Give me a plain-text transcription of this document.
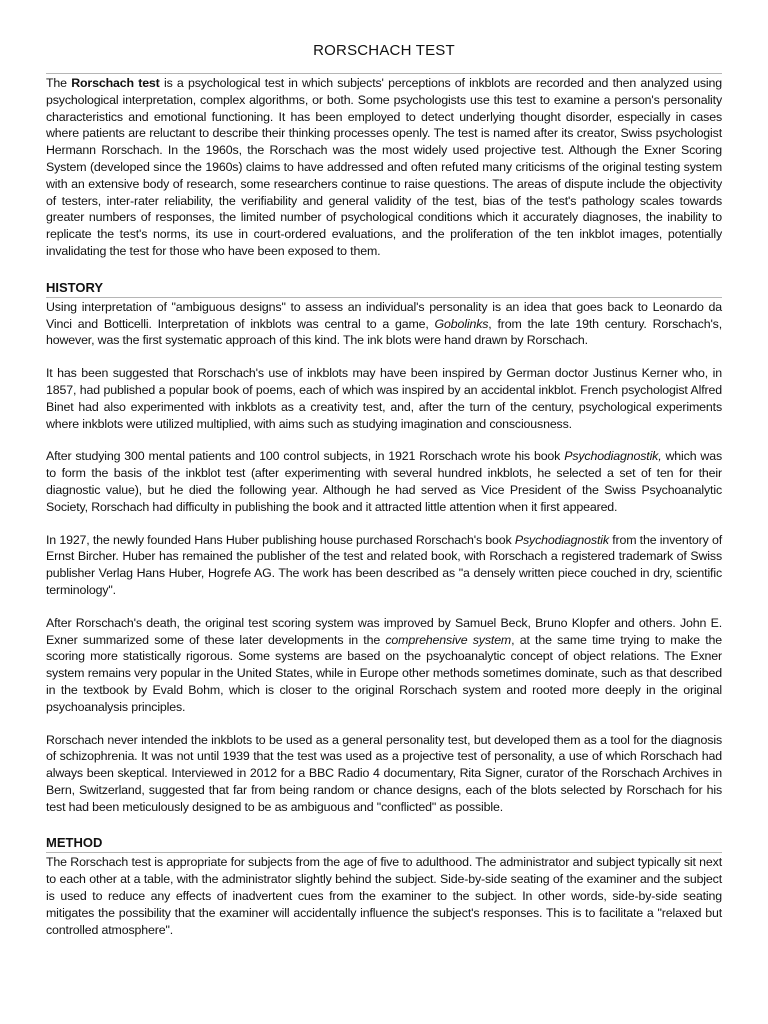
RORSCHACH TEST

The Rorschach test is a psychological test in which subjects' perceptions of inkblots are recorded and then analyzed using psychological interpretation, complex algorithms, or both. Some psychologists use this test to examine a person's personality characteristics and emotional functioning. It has been employed to detect underlying thought disorder, especially in cases where patients are reluctant to describe their thinking processes openly. The test is named after its creator, Swiss psychologist Hermann Rorschach. In the 1960s, the Rorschach was the most widely used projective test. Although the Exner Scoring System (developed since the 1960s) claims to have addressed and often refuted many criticisms of the original testing system with an extensive body of research, some researchers continue to raise questions. The areas of dispute include the objectivity of testers, inter-rater reliability, the verifiability and general validity of the test, bias of the test's pathology scales towards greater numbers of responses, the limited number of psychological conditions which it accurately diagnoses, the inability to replicate the test's norms, its use in court-ordered evaluations, and the proliferation of the ten inkblot images, potentially invalidating the test for those who have been exposed to them.

HISTORY

Using interpretation of "ambiguous designs" to assess an individual's personality is an idea that goes back to Leonardo da Vinci and Botticelli. Interpretation of inkblots was central to a game, Gobolinks, from the late 19th century. Rorschach's, however, was the first systematic approach of this kind. The ink blots were hand drawn by Rorschach.

It has been suggested that Rorschach's use of inkblots may have been inspired by German doctor Justinus Kerner who, in 1857, had published a popular book of poems, each of which was inspired by an accidental inkblot. French psychologist Alfred Binet had also experimented with inkblots as a creativity test, and, after the turn of the century, psychological experiments where inkblots were utilized multiplied, with aims such as studying imagination and consciousness.

After studying 300 mental patients and 100 control subjects, in 1921 Rorschach wrote his book Psychodiagnostik, which was to form the basis of the inkblot test (after experimenting with several hundred inkblots, he selected a set of ten for their diagnostic value), but he died the following year. Although he had served as Vice President of the Swiss Psychoanalytic Society, Rorschach had difficulty in publishing the book and it attracted little attention when it first appeared.

In 1927, the newly founded Hans Huber publishing house purchased Rorschach's book Psychodiagnostik from the inventory of Ernst Bircher. Huber has remained the publisher of the test and related book, with Rorschach a registered trademark of Swiss publisher Verlag Hans Huber, Hogrefe AG. The work has been described as "a densely written piece couched in dry, scientific terminology".

After Rorschach's death, the original test scoring system was improved by Samuel Beck, Bruno Klopfer and others. John E. Exner summarized some of these later developments in the comprehensive system, at the same time trying to make the scoring more statistically rigorous. Some systems are based on the psychoanalytic concept of object relations. The Exner system remains very popular in the United States, while in Europe other methods sometimes dominate, such as that described in the textbook by Evald Bohm, which is closer to the original Rorschach system and rooted more deeply in the original psychoanalysis principles.

Rorschach never intended the inkblots to be used as a general personality test, but developed them as a tool for the diagnosis of schizophrenia. It was not until 1939 that the test was used as a projective test of personality, a use of which Rorschach had always been skeptical. Interviewed in 2012 for a BBC Radio 4 documentary, Rita Signer, curator of the Rorschach Archives in Bern, Switzerland, suggested that far from being random or chance designs, each of the blots selected by Rorschach for his test had been meticulously designed to be as ambiguous and "conflicted" as possible.

METHOD

The Rorschach test is appropriate for subjects from the age of five to adulthood. The administrator and subject typically sit next to each other at a table, with the administrator slightly behind the subject. Side-by-side seating of the examiner and the subject is used to reduce any effects of inadvertent cues from the examiner to the subject. In other words, side-by-side seating mitigates the possibility that the examiner will accidentally influence the subject's responses. This is to facilitate a "relaxed but controlled atmosphere".
